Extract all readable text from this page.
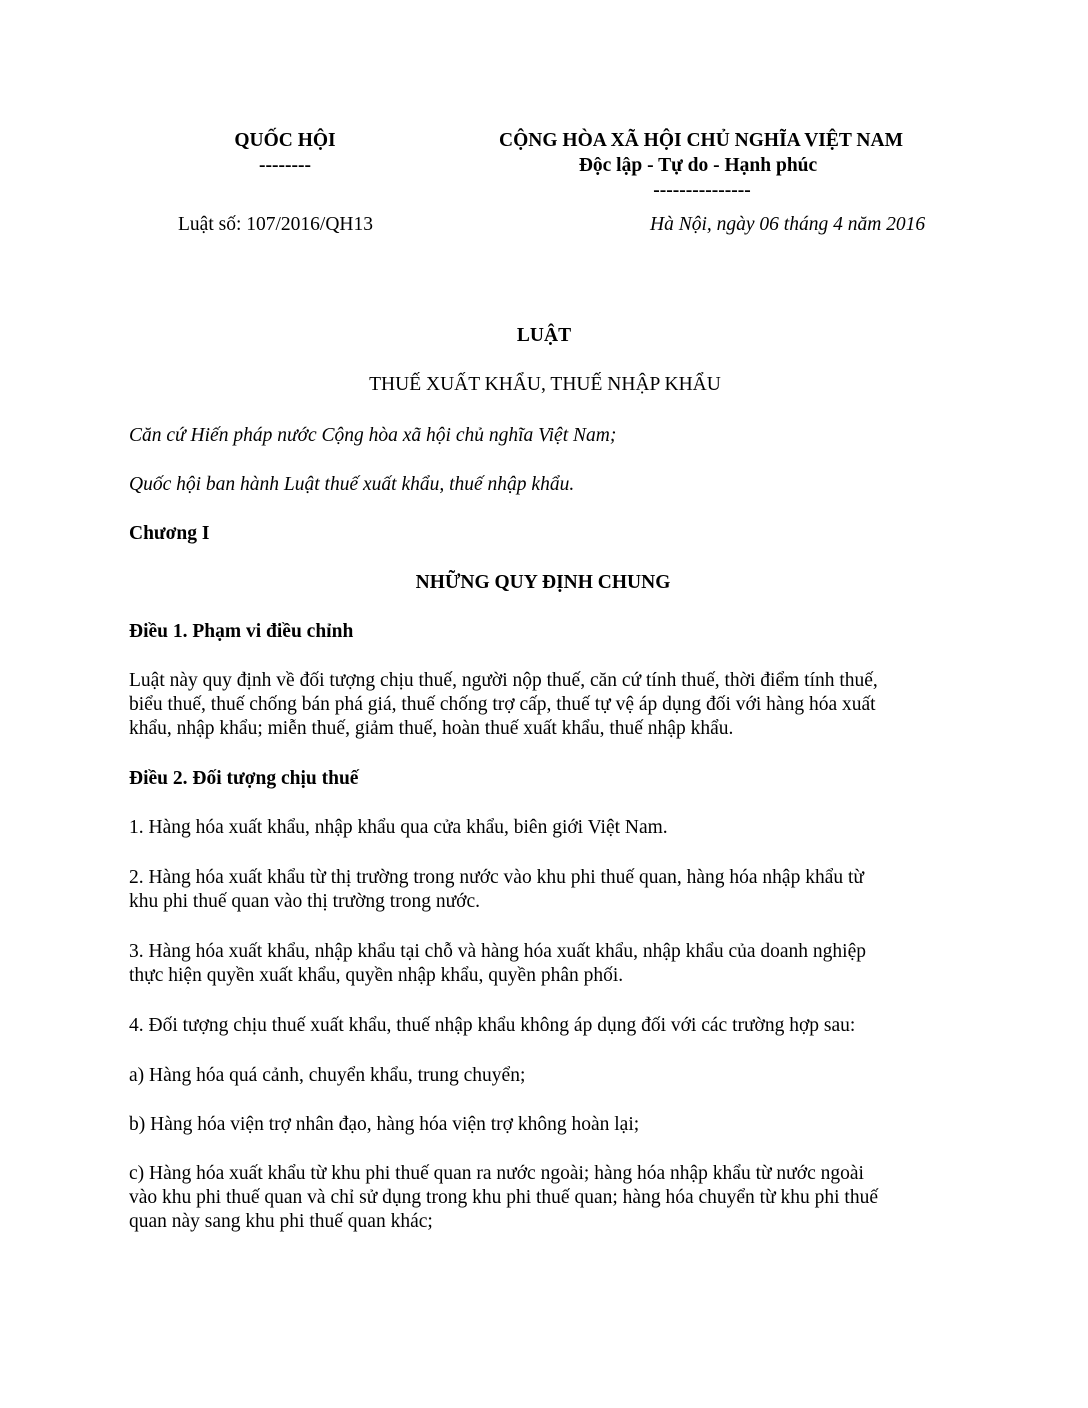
QUỐC HỘI
--------
CỘNG HÒA XÃ HỘI CHỦ NGHĨA VIỆT NAM
Độc lập - Tự do - Hạnh phúc
---------------
Luật số: 107/2016/QH13	Hà Nội, ngày 06 tháng 4 năm 2016
LUẬT
THUẾ XUẤT KHẨU, THUẾ NHẬP KHẨU
Căn cứ Hiến pháp nước Cộng hòa xã hội chủ nghĩa Việt Nam;
Quốc hội ban hành Luật thuế xuất khẩu, thuế nhập khẩu.
Chương I
NHỮNG QUY ĐỊNH CHUNG
Điều 1. Phạm vi điều chỉnh
Luật này quy định về đối tượng chịu thuế, người nộp thuế, căn cứ tính thuế, thời điểm tính thuế,
biểu thuế, thuế chống bán phá giá, thuế chống trợ cấp, thuế tự vệ áp dụng đối với hàng hóa xuất
khẩu, nhập khẩu; miễn thuế, giảm thuế, hoàn thuế xuất khẩu, thuế nhập khẩu.
Điều 2. Đối tượng chịu thuế
1. Hàng hóa xuất khẩu, nhập khẩu qua cửa khẩu, biên giới Việt Nam.
2. Hàng hóa xuất khẩu từ thị trường trong nước vào khu phi thuế quan, hàng hóa nhập khẩu từ
khu phi thuế quan vào thị trường trong nước.
3. Hàng hóa xuất khẩu, nhập khẩu tại chỗ và hàng hóa xuất khẩu, nhập khẩu của doanh nghiệp
thực hiện quyền xuất khẩu, quyền nhập khẩu, quyền phân phối.
4. Đối tượng chịu thuế xuất khẩu, thuế nhập khẩu không áp dụng đối với các trường hợp sau:
a) Hàng hóa quá cảnh, chuyển khẩu, trung chuyển;
b) Hàng hóa viện trợ nhân đạo, hàng hóa viện trợ không hoàn lại;
c) Hàng hóa xuất khẩu từ khu phi thuế quan ra nước ngoài; hàng hóa nhập khẩu từ nước ngoài
vào khu phi thuế quan và chỉ sử dụng trong khu phi thuế quan; hàng hóa chuyển từ khu phi thuế
quan này sang khu phi thuế quan khác;
